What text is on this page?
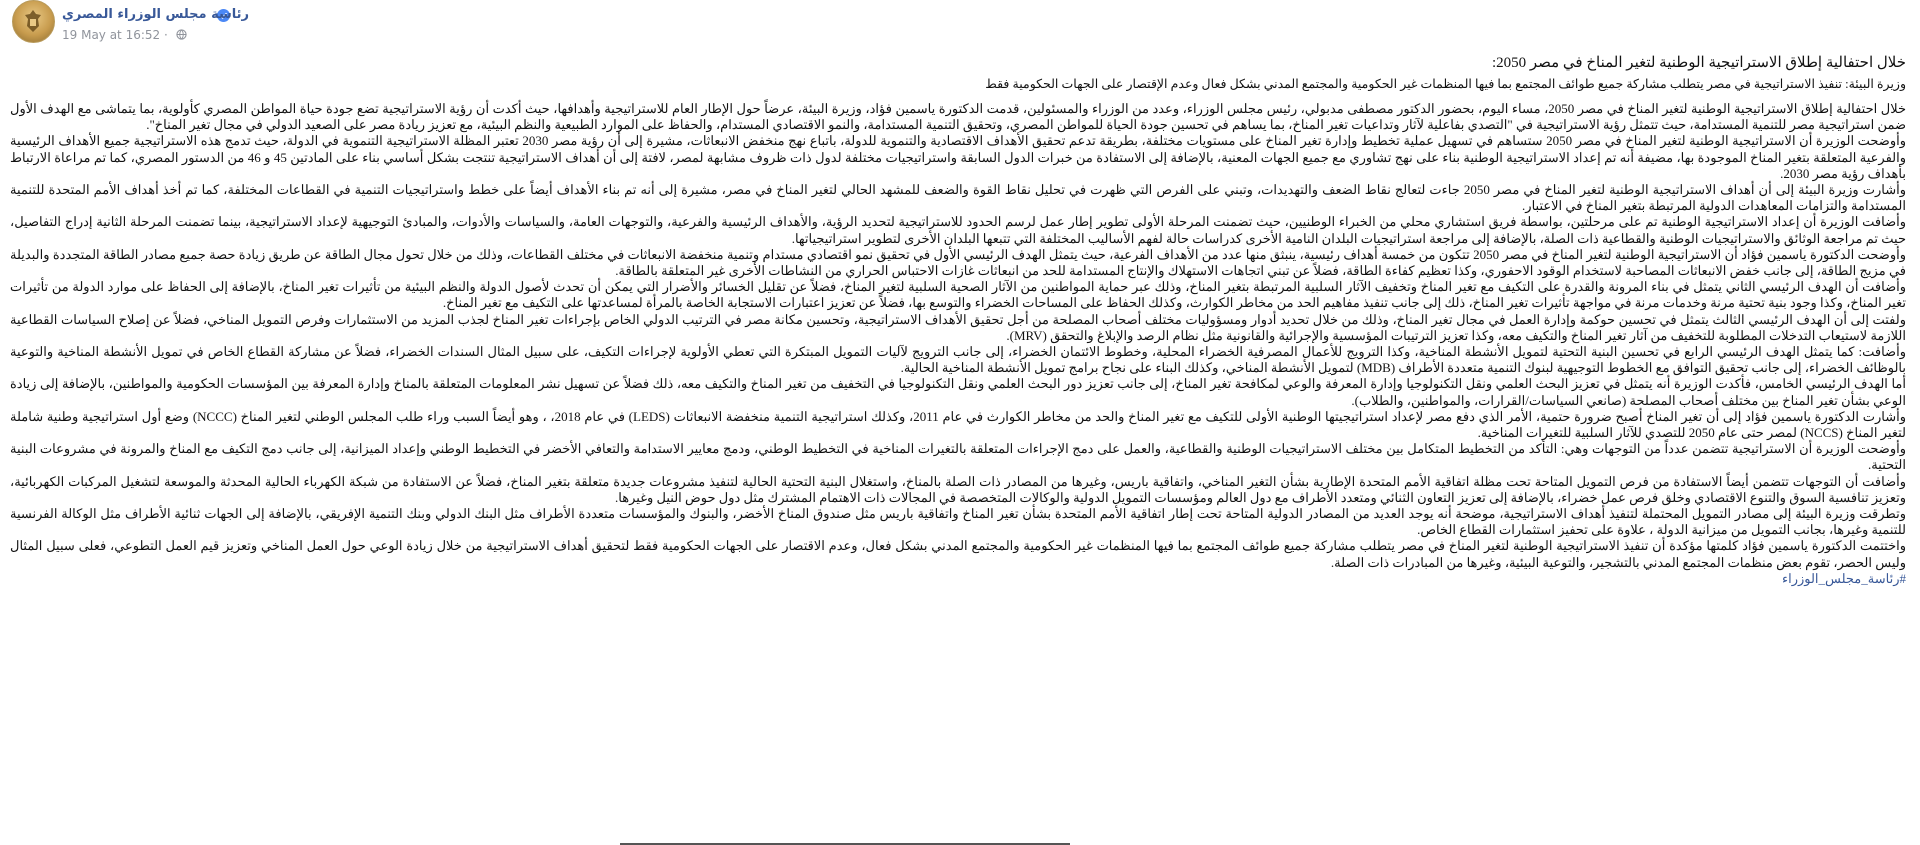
رئاسة مجلس الوزراء المصري
19 May at 16:52 ·

خلال احتفالية إطلاق الاستراتيجية الوطنية لتغير المناخ في مصر 2050:

وزيرة البيئة: تنفيذ الاستراتيجية في مصر يتطلب مشاركة جميع طوائف المجتمع بما فيها المنظمات غير الحكومية والمجتمع المدني بشكل فعال وعدم الإقتصار على الجهات الحكومية فقط

خلال احتفالية إطلاق الاستراتيجية الوطنية لتغير المناخ في مصر 2050، مساء اليوم، بحضور الدكتور مصطفى مدبولي، رئيس مجلس الوزراء، وعدد من الوزراء والمسئولين، قدمت الدكتورة ياسمين فؤاد، وزيرة البيئة، عرضاً حول الإطار العام للاستراتيجية وأهدافها، حيث أكدت أن رؤية الاستراتيجية تضع جودة حياة المواطن المصري كأولوية، بما يتماشى مع الهدف الأول ضمن استراتيجية مصر للتنمية المستدامة، حيث تتمثل رؤية الاستراتيجية في "التصدي بفاعلية لآثار وتداعيات تغير المناخ، بما يساهم في تحسين جودة الحياة للمواطن المصري، وتحقيق التنمية المستدامة، والنمو الاقتصادي المستدام، والحفاظ على الموارد الطبيعية والنظم البيئية، مع تعزيز ريادة مصر على الصعيد الدولي في مجال تغير المناخ".

وأوضحت الوزيرة أن الاستراتيجية الوطنية لتغير المناخ في مصر 2050 ستساهم في تسهيل عملية تخطيط وإدارة تغير المناخ على مستويات مختلفة، بطريقة تدعم تحقيق الأهداف الاقتصادية والتنموية للدولة، باتباع نهج منخفض الانبعاثات، مشيرة إلى أن رؤية مصر 2030 تعتبر المظلة الاستراتيجية التنموية في الدولة، حيث تدمج هذه الاستراتيجية جميع الأهداف الرئيسية والفرعية المتعلقة بتغير المناخ الموجودة بها، مضيفة أنه تم إعداد الاستراتيجية الوطنية بناء على نهج تشاوري مع جميع الجهات المعنية، بالإضافة إلى الاستفادة من خبرات الدول السابقة واستراتيجيات مختلفة لدول ذات ظروف مشابهة لمصر، لافتة إلى أن أهداف الاستراتيجية تنتجت بشكل أساسي بناء على المادتين 45 و 46 من الدستور المصري، كما تم مراعاة الارتباط بأهداف رؤية مصر 2030.

وأشارت وزيرة البيئة إلى أن أهداف الاستراتيجية الوطنية لتغير المناخ في مصر 2050 جاءت لتعالج نقاط الضعف والتهديدات، وتبني على الفرص التي ظهرت في تحليل نقاط القوة والضعف للمشهد الحالي لتغير المناخ في مصر، مشيرة إلى أنه تم بناء الأهداف أيضاً على خطط واستراتيجيات التنمية في القطاعات المختلفة، كما تم أخذ أهداف الأمم المتحدة للتنمية المستدامة والتزامات المعاهدات الدولية المرتبطة بتغير المناخ في الاعتبار.

وأضافت الوزيرة أن إعداد الاستراتيجية الوطنية تم على مرحلتين، بواسطة فريق استشاري محلي من الخبراء الوطنيين، حيث تضمنت المرحلة الأولى تطوير إطار عمل لرسم الحدود للاستراتيجية لتحديد الرؤية، والأهداف الرئيسية والفرعية، والتوجهات العامة، والسياسات والأدوات، والمبادئ التوجيهية لإعداد الاستراتيجية، بينما تضمنت المرحلة الثانية إدراج التفاصيل، حيث تم مراجعة الوثائق والاستراتيجيات الوطنية والقطاعية ذات الصلة، بالإضافة إلى مراجعة استراتيجيات البلدان النامية الأخرى كدراسات حالة لفهم الأساليب المختلفة التي تتبعها البلدان الأخرى لتطوير استراتيجياتها.

وأوضحت الدكتورة ياسمين فؤاد أن الاستراتيجية الوطنية لتغير المناخ في مصر 2050 تتكون من خمسة أهداف رئيسية، ينبثق منها عدد من الأهداف الفرعية، حيث يتمثل الهدف الرئيسي الأول في تحقيق نمو اقتصادي مستدام وتنمية منخفضة الانبعاثات في مختلف القطاعات، وذلك من خلال تحول مجال الطاقة عن طريق زيادة حصة جميع مصادر الطاقة المتجددة والبديلة في مزيج الطاقة، إلى جانب خفض الانبعاثات المصاحبة لاستخدام الوقود الاحفوري، وكذا تعظيم كفاءة الطاقة، فضلاً عن تبني اتجاهات الاستهلاك والإنتاج المستدامة للحد من انبعاثات غازات الاحتباس الحراري من النشاطات الأخرى غير المتعلقة بالطاقة.

وأضافت أن الهدف الرئيسي الثاني يتمثل في بناء المرونة والقدرة على التكيف مع تغير المناخ وتخفيف الآثار السلبية المرتبطة بتغير المناخ، وذلك عبر حماية المواطنين من الآثار الصحية السلبية لتغير المناخ، فضلاً عن تقليل الخسائر والأضرار التي يمكن أن تحدث لأصول الدولة والنظم البيئية من تأثيرات تغير المناخ، بالإضافة إلى الحفاظ على موارد الدولة من تأثيرات تغير المناخ، وكذا وجود بنية تحتية مرنة وخدمات مرنة في مواجهة تأثيرات تغير المناخ، ذلك إلى جانب تنفيذ مفاهيم الحد من مخاطر الكوارث، وكذلك الحفاظ على المساحات الخضراء والتوسع بها، فضلاً عن تعزيز اعتبارات الاستجابة الخاصة بالمرأة لمساعدتها على التكيف مع تغير المناخ.

ولفتت إلى أن الهدف الرئيسي الثالث يتمثل في تحسين حوكمة وإدارة العمل في مجال تغير المناخ، وذلك من خلال تحديد أدوار ومسؤوليات مختلف أصحاب المصلحة من أجل تحقيق الأهداف الاستراتيجية، وتحسين مكانة مصر في الترتيب الدولي الخاص بإجراءات تغير المناخ لجذب المزيد من الاستثمارات وفرص التمويل المناخي، فضلاً عن إصلاح السياسات القطاعية اللازمة لاستيعاب التدخلات المطلوبة للتخفيف من آثار تغير المناخ والتكيف معه، وكذا تعزيز الترتيبات المؤسسية والإجرائية والقانونية مثل نظام الرصد والإبلاغ والتحقق (MRV).

وأضافت: كما يتمثل الهدف الرئيسي الرابع في تحسين البنية التحتية لتمويل الأنشطة المناخية، وكذا الترويج للأعمال المصرفية الخضراء المحلية، وخطوط الائتمان الخضراء، إلى جانب الترويج لآليات التمويل المبتكرة التي تعطي الأولوية لإجراءات التكيف، على سبيل المثال السندات الخضراء، فضلاً عن مشاركة القطاع الخاص في تمويل الأنشطة المناخية والتوعية بالوظائف الخضراء، إلى جانب تحقيق التوافق مع الخطوط التوجيهية لبنوك التنمية متعددة الأطراف (MDB) لتمويل الأنشطة المناخي، وكذلك البناء على نجاح برامج تمويل الأنشطة المناخية الحالية.

أما الهدف الرئيسي الخامس، فأكدت الوزيرة أنه يتمثل في تعزيز البحث العلمي ونقل التكنولوجيا وإدارة المعرفة والوعي لمكافحة تغير المناخ، إلى جانب تعزيز دور البحث العلمي ونقل التكنولوجيا في التخفيف من تغير المناخ والتكيف معه، ذلك فضلاً عن تسهيل نشر المعلومات المتعلقة بالمناخ وإدارة المعرفة بين المؤسسات الحكومية والمواطنين، بالإضافة إلى زيادة الوعي بشأن تغير المناخ بين مختلف أصحاب المصلحة (صانعي السياسات/القرارات، والمواطنين، والطلاب).

وأشارت الدكتورة ياسمين فؤاد إلى أن تغير المناخ أصبح ضرورة حتمية، الأمر الذي دفع مصر لإعداد استراتيجيتها الوطنية الأولى للتكيف مع تغير المناخ والحد من مخاطر الكوارث في عام 2011، وكذلك استراتيجية التنمية منخفضة الانبعاثات (LEDS) في عام 2018، ، وهو أيضاً السبب وراء طلب المجلس الوطني لتغير المناخ (NCCC) وضع أول استراتيجية وطنية شاملة لتغير المناخ (NCCS) لمصر حتى عام 2050 للتصدي للآثار السلبية للتغيرات المناخية.

وأوضحت الوزيرة أن الاستراتيجية تتضمن عدداً من التوجهات وهي: التأكد من التخطيط المتكامل بين مختلف الاستراتيجيات الوطنية والقطاعية، والعمل على دمج الإجراءات المتعلقة بالتغيرات المناخية في التخطيط الوطني، ودمج معايير الاستدامة والتعافي الأخضر في التخطيط الوطني وإعداد الميزانية، إلى جانب دمج التكيف مع المناخ والمرونة في مشروعات البنية التحتية.

وأضافت أن التوجهات تتضمن أيضاً الاستفادة من فرص التمويل المتاحة تحت مظلة اتفاقية الأمم المتحدة الإطارية بشأن التغير المناخي، واتفاقية باريس، وغيرها من المصادر ذات الصلة بالمناخ، واستغلال البنية التحتية الحالية لتنفيذ مشروعات جديدة متعلقة بتغير المناخ، فضلاً عن الاستفادة من شبكة الكهرباء الحالية المحدثة والموسعة لتشغيل المركبات الكهربائية، وتعزيز تنافسية السوق والتنوع الاقتصادي وخلق فرص عمل خضراء، بالإضافة إلى تعزيز التعاون الثنائي ومتعدد الأطراف مع دول العالم ومؤسسات التمويل الدولية والوكالات المتخصصة في المجالات ذات الاهتمام المشترك مثل دول حوض النيل وغيرها.

وتطرقت وزيرة البيئة إلى مصادر التمويل المحتملة لتنفيذ أهداف الاستراتيجية، موضحة أنه يوجد العديد من المصادر الدولية المتاحة تحت إطار اتفاقية الأمم المتحدة بشأن تغير المناخ واتفاقية باريس مثل صندوق المناخ الأخضر، والبنوك والمؤسسات متعددة الأطراف مثل البنك الدولي وبنك التنمية الإفريقي، بالإضافة إلى الجهات ثنائية الأطراف مثل الوكالة الفرنسية للتنمية وغيرها، بجانب التمويل من ميزانية الدولة ، علاوة على تحفيز استثمارات القطاع الخاص.

واختتمت الدكتورة ياسمين فؤاد كلمتها مؤكدة أن تنفيذ الاستراتيجية الوطنية لتغير المناخ في مصر يتطلب مشاركة جميع طوائف المجتمع بما فيها المنظمات غير الحكومية والمجتمع المدني بشكل فعال، وعدم الاقتصار على الجهات الحكومية فقط لتحقيق أهداف الاستراتيجية من خلال زيادة الوعي حول العمل المناخي وتعزيز قيم العمل التطوعي، فعلى سبيل المثال وليس الحصر، تقوم بعض منظمات المجتمع المدني بالتشجير، والتوعية البيئية، وغيرها من المبادرات ذات الصلة.

#رئاسة_مجلس_الوزراء
